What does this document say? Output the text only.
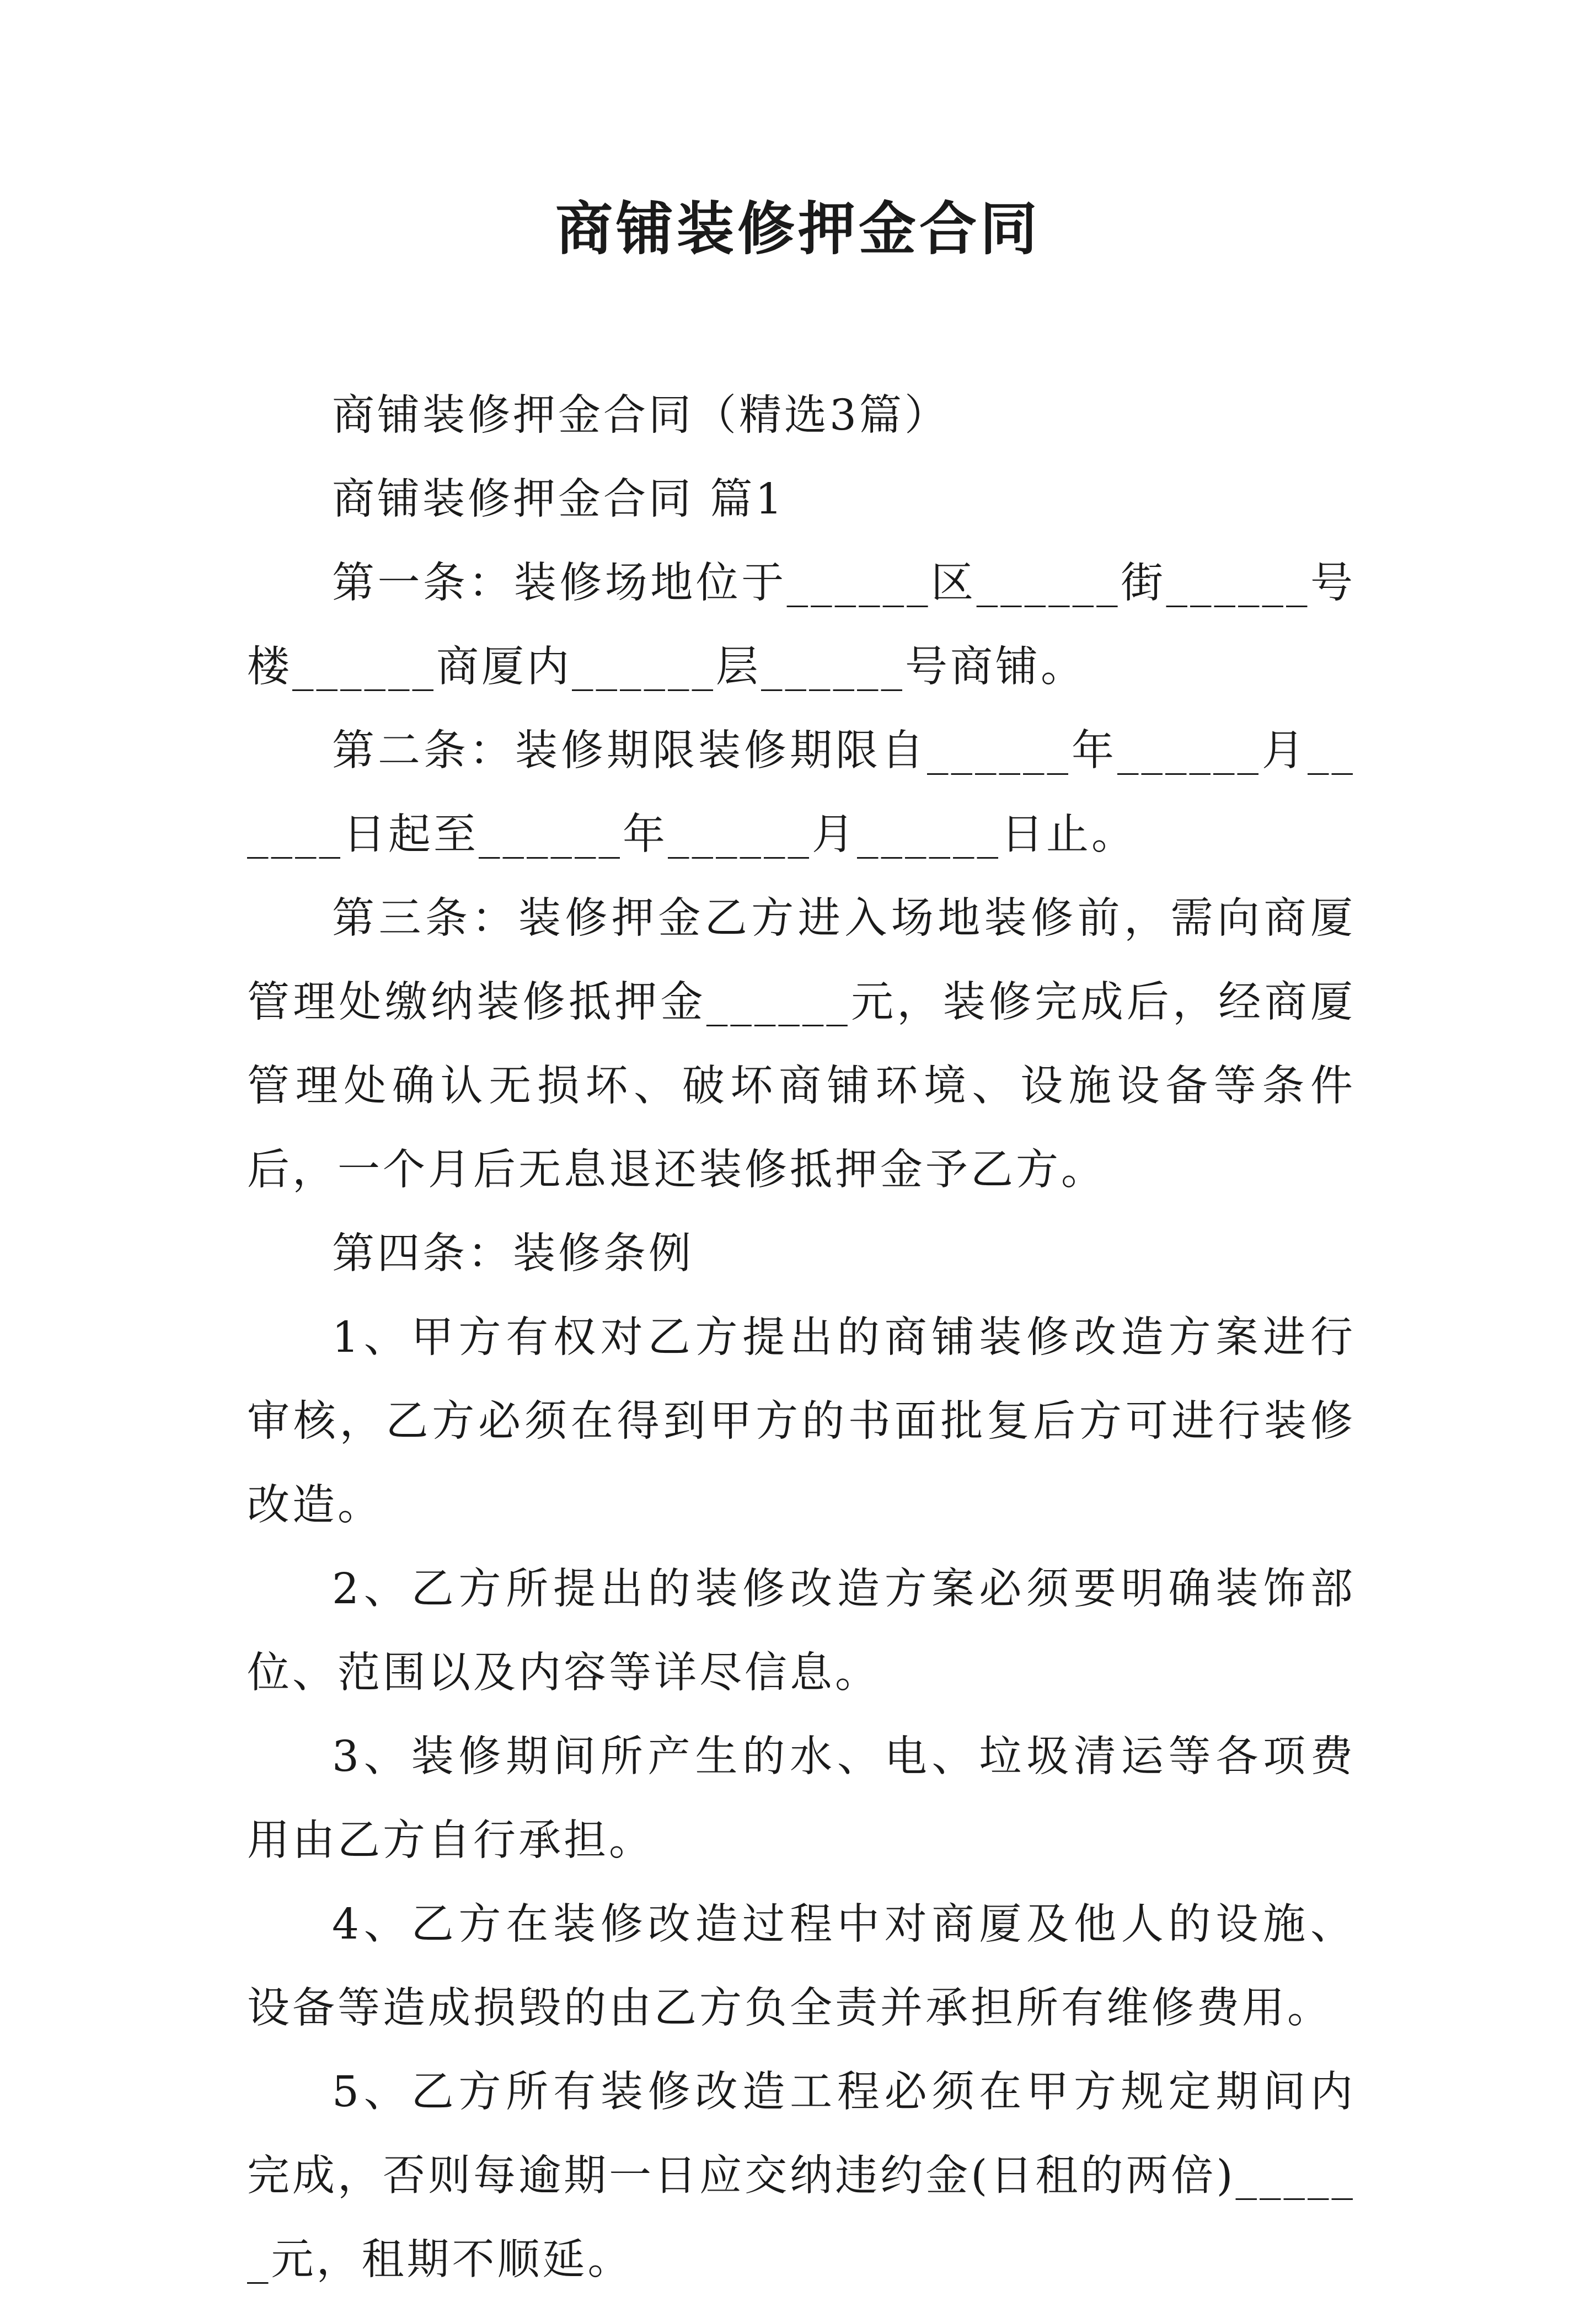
商铺装修押金合同

商铺装修押金合同（精选3篇）

商铺装修押金合同 篇1

第一条：装修场地位于______区______街______号楼______商厦内______层______号商铺。

第二条：装修期限装修期限自______年______月______日起至______年______月______日止。

第三条：装修押金乙方进入场地装修前，需向商厦管理处缴纳装修抵押金______元，装修完成后，经商厦管理处确认无损坏、破坏商铺环境、设施设备等条件后，一个月后无息退还装修抵押金予乙方。

第四条：装修条例

1、甲方有权对乙方提出的商铺装修改造方案进行审核，乙方必须在得到甲方的书面批复后方可进行装修改造。

2、乙方所提出的装修改造方案必须要明确装饰部位、范围以及内容等详尽信息。

3、装修期间所产生的水、电、垃圾清运等各项费用由乙方自行承担。

4、乙方在装修改造过程中对商厦及他人的设施、设备等造成损毁的由乙方负全责并承担所有维修费用。

5、乙方所有装修改造工程必须在甲方规定期间内完成，否则每逾期一日应交纳违约金(日租的两倍)______元，租期不顺延。
